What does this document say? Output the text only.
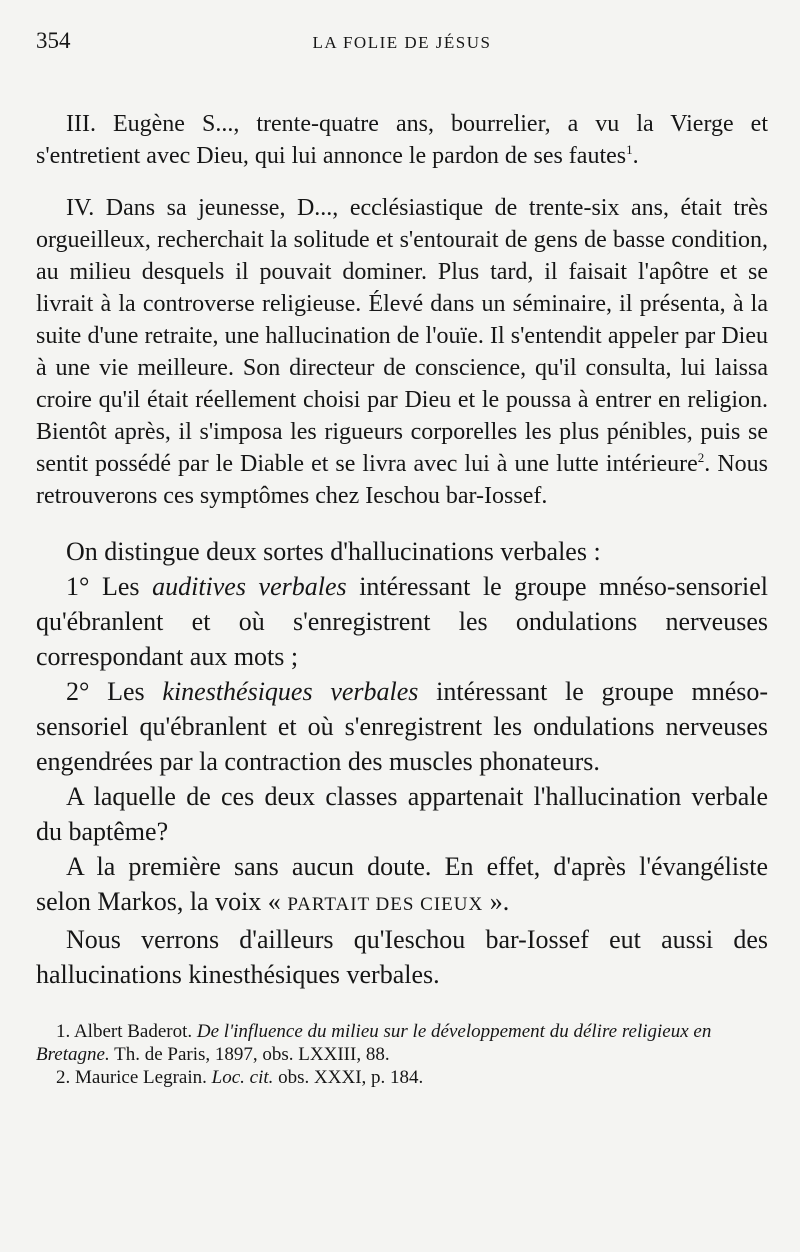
354	LA FOLIE DE JÉSUS

III. Eugène S..., trente-quatre ans, bourrelier, a vu la Vierge et s'entretient avec Dieu, qui lui annonce le pardon de ses fautes$^1$.

IV. Dans sa jeunesse, D..., ecclésiastique de trente-six ans, était très orgueilleux, recherchait la solitude et s'entourait de gens de basse condition, au milieu desquels il pouvait dominer. Plus tard, il faisait l'apôtre et se livrait à la controverse religieuse. Élevé dans un séminaire, il présenta, à la suite d'une retraite, une hallucination de l'ouïe. Il s'entendit appeler par Dieu à une vie meilleure. Son directeur de conscience, qu'il consulta, lui laissa croire qu'il était réellement choisi par Dieu et le poussa à entrer en religion. Bientôt après, il s'imposa les rigueurs corporelles les plus pénibles, puis se sentit possédé par le Diable et se livra avec lui à une lutte intérieure$^2$. Nous retrouverons ces symptômes chez Ieschou bar-Iossef.

On distingue deux sortes d'hallucinations verbales :

1° Les auditives verbales intéressant le groupe mnéso-sensoriel qu'ébranlent et où s'enregistrent les ondulations nerveuses correspondant aux mots ;

2° Les kinesthésiques verbales intéressant le groupe mnéso-sensoriel qu'ébranlent et où s'enregistrent les ondulations nerveuses engendrées par la contraction des muscles phonateurs.

A laquelle de ces deux classes appartenait l'hallucination verbale du baptême?

A la première sans aucun doute. En effet, d'après l'évangéliste selon Markos, la voix « PARTAIT DES CIEUX ».

Nous verrons d'ailleurs qu'Ieschou bar-Iossef eut aussi des hallucinations kinesthésiques verbales.

1. Albert Baderot. De l'influence du milieu sur le développement du délire religieux en Bretagne. Th. de Paris, 1897, obs. LXXIII, 88.

2. Maurice Legrain. Loc. cit. obs. XXXI, p. 184.
